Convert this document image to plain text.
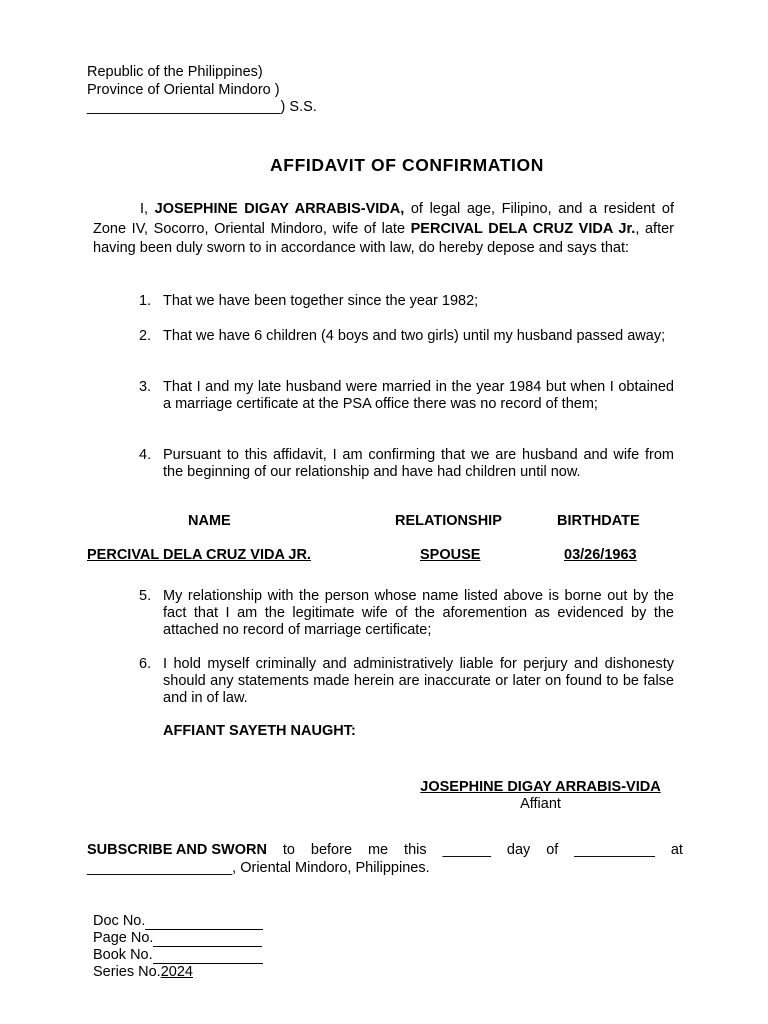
Republic of the Philippines)
Province of Oriental Mindoro )
________________________) S.S.
AFFIDAVIT OF CONFIRMATION
I, JOSEPHINE DIGAY ARRABIS-VIDA, of legal age, Filipino, and a resident of Zone IV, Socorro, Oriental Mindoro, wife of late PERCIVAL DELA CRUZ VIDA Jr., after having been duly sworn to in accordance with law, do hereby depose and says that:
1. That we have been together since the year 1982;
2. That we have 6 children (4 boys and two girls) until my husband passed away;
3. That I and my late husband were married in the year 1984 but when I obtained a marriage certificate at the PSA office there was no record of them;
4. Pursuant to this affidavit, I am confirming that we are husband and wife from the beginning of our relationship and have had children until now.
NAME	RELATIONSHIP	BIRTHDATE
PERCIVAL DELA CRUZ VIDA JR.	SPOUSE	03/26/1963
5. My relationship with the person whose name listed above is borne out by the fact that I am the legitimate wife of the aforemention as evidenced by the attached no record of marriage certificate;
6. I hold myself criminally and administratively liable for perjury and dishonesty should any statements made herein are inaccurate or later on found to be false and in of law.
AFFIANT SAYETH NAUGHT:
JOSEPHINE DIGAY ARRABIS-VIDA
Affiant
SUBSCRIBE AND SWORN to before me this ______ day of __________ at
__________________, Oriental Mindoro, Philippines.
Doc No.
Page No.
Book No.
Series No. 2024
